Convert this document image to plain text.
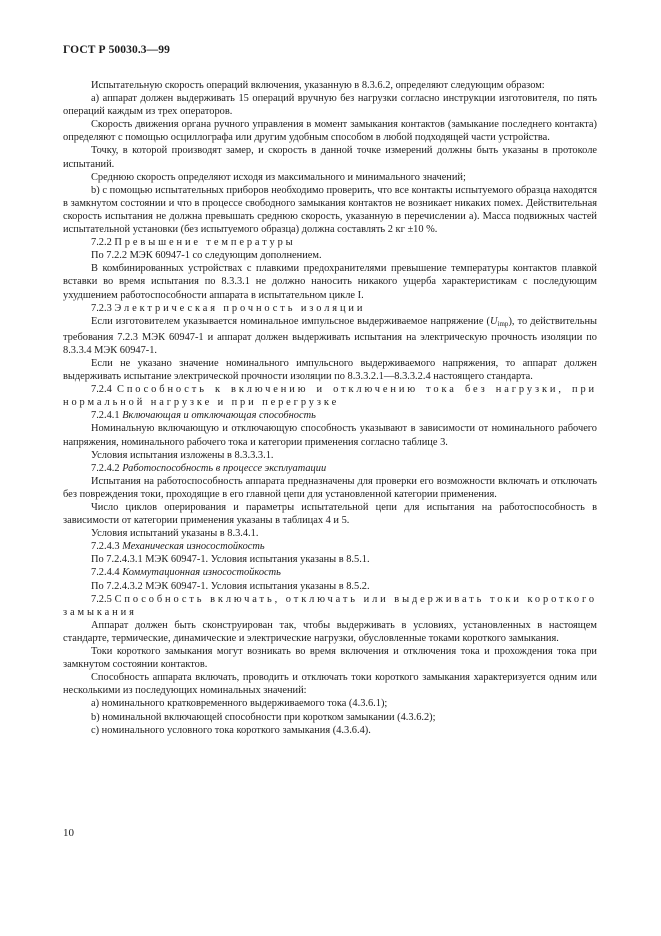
ГОСТ Р 50030.3—99

Испытательную скорость операций включения, указанную в 8.3.6.2, определяют следующим образом:

а) аппарат должен выдерживать 15 операций вручную без нагрузки согласно инструкции изготовителя, по пять операций каждым из трех операторов.

Скорость движения органа ручного управления в момент замыкания контактов (замыкание последнего контакта) определяют с помощью осциллографа или другим удобным способом в любой подходящей части устройства.

Точку, в которой производят замер, и скорость в данной точке измерений должны быть указаны в протоколе испытаний.

Среднюю скорость определяют исходя из максимального и минимального значений;

b) с помощью испытательных приборов необходимо проверить, что все контакты испытуемого образца находятся в замкнутом состоянии и что в процессе свободного замыкания контактов не возникает никаких помех. Действительная скорость испытания не должна превышать среднюю скорость, указанную в перечислении а). Масса подвижных частей испытательной установки (без испытуемого образца) должна составлять 2 кг ±10 %.

7.2.2 Превышение температуры

По 7.2.2 МЭК 60947-1 со следующим дополнением.

В комбинированных устройствах с плавкими предохранителями превышение температуры контактов плавкой вставки во время испытания по 8.3.3.1 не должно наносить никакого ущерба характеристикам с последующим ухудшением работоспособности аппарата в испытательном цикле I.

7.2.3 Электрическая прочность изоляции

Если изготовителем указывается номинальное импульсное выдерживаемое напряжение $(U_{imp})$, то действительны требования 7.2.3 МЭК 60947-1 и аппарат должен выдерживать испытания на электрическую прочность изоляции по 8.3.3.4 МЭК 60947-1.

Если не указано значение номинального импульсного выдерживаемого напряжения, то аппарат должен выдерживать испытание электрической прочности изоляции по 8.3.3.2.1—8.3.3.2.4 настоящего стандарта.

7.2.4 Способность к включению и отключению тока без нагрузки, при нормальной нагрузке и при перегрузке

7.2.4.1 Включающая и отключающая способность

Номинальную включающую и отключающую способность указывают в зависимости от номинального рабочего напряжения, номинального рабочего тока и категории применения согласно таблице 3.

Условия испытания изложены в 8.3.3.3.1.

7.2.4.2 Работоспособность в процессе эксплуатации

Испытания на работоспособность аппарата предназначены для проверки его возможности включать и отключать без повреждения токи, проходящие в его главной цепи для установленной категории применения.

Число циклов оперирования и параметры испытательной цепи для испытания на работоспособность в зависимости от категории применения указаны в таблицах 4 и 5.

Условия испытаний указаны в 8.3.4.1.

7.2.4.3 Механическая износостойкость

По 7.2.4.3.1 МЭК 60947-1. Условия испытания указаны в 8.5.1.

7.2.4.4 Коммутационная износостойкость

По 7.2.4.3.2 МЭК 60947-1. Условия испытания указаны в 8.5.2.

7.2.5 Способность включать, отключать или выдерживать токи короткого замыкания

Аппарат должен быть сконструирован так, чтобы выдерживать в условиях, установленных в настоящем стандарте, термические, динамические и электрические нагрузки, обусловленные токами короткого замыкания.

Токи короткого замыкания могут возникать во время включения и отключения тока и прохождения тока при замкнутом состоянии контактов.

Способность аппарата включать, проводить и отключать токи короткого замыкания характеризуется одним или несколькими из последующих номинальных значений:

а) номинального кратковременного выдерживаемого тока (4.3.6.1);

b) номинальной включающей способности при коротком замыкании (4.3.6.2);

c) номинального условного тока короткого замыкания (4.3.6.4).

10
